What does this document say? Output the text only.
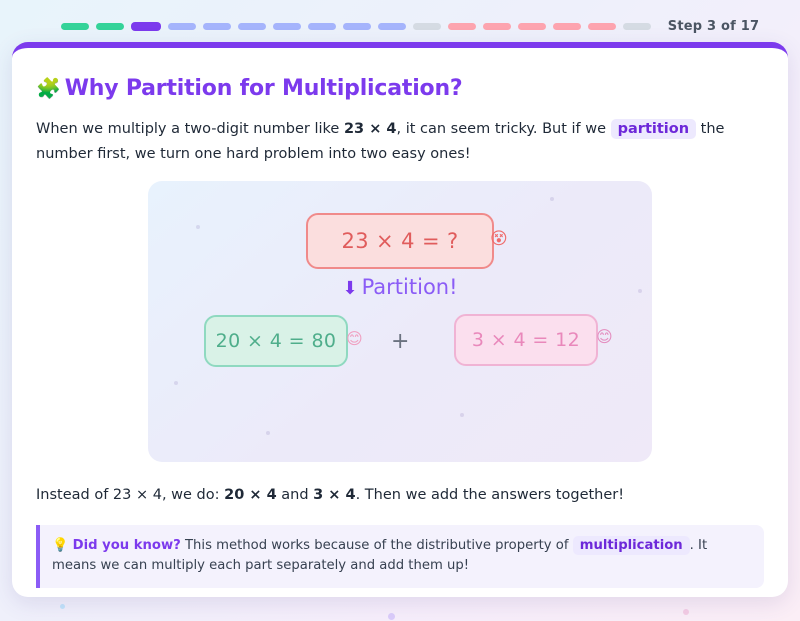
Step 3 of 17
🧩 Why Partition for Multiplication?

When we multiply a two-digit number like 23 × 4, it can seem tricky. But if we partition the number first, we turn one hard problem into two easy ones!

23 × 4 = ?	😵
⬇ Partition!
20 × 4 = 80 😊 +	3 × 4 = 12 😊

Instead of 23 × 4, we do: 20 × 4 and 3 × 4. Then we add the answers together!

💡 Did you know? This method works because of the distributive property of multiplication . It means we can multiply each part separately and add them up!
